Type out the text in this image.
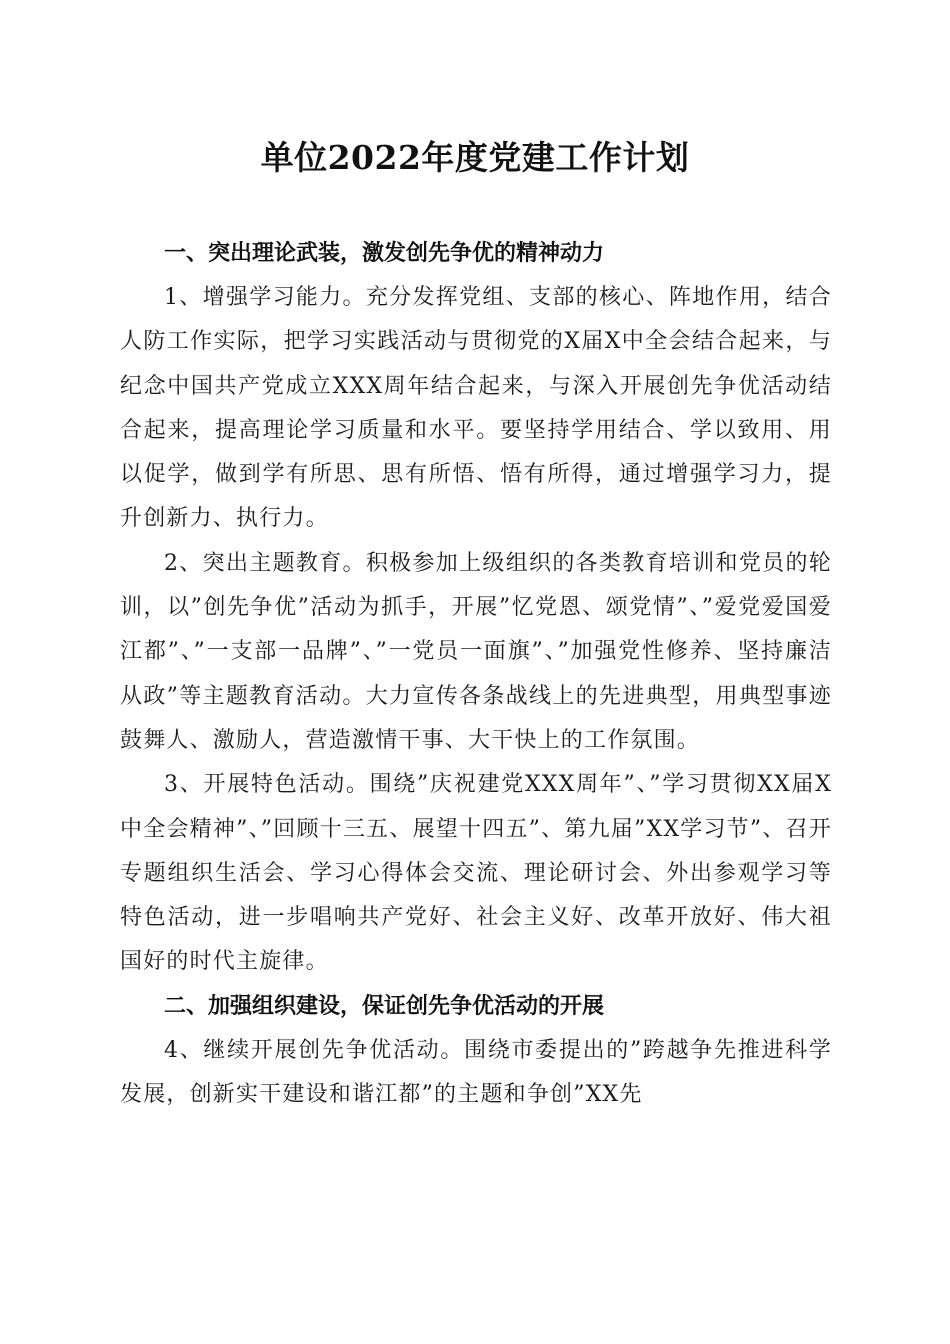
单位2022年度党建工作计划

一、突出理论武装，激发创先争优的精神动力

1、增强学习能力。充分发挥党组、支部的核心、阵地作用，结合人防工作实际，把学习实践活动与贯彻党的X届X中全会结合起来，与纪念中国共产党成立XXX周年结合起来，与深入开展创先争优活动结合起来，提高理论学习质量和水平。要坚持学用结合、学以致用、用以促学，做到学有所思、思有所悟、悟有所得，通过增强学习力，提升创新力、执行力。

2、突出主题教育。积极参加上级组织的各类教育培训和党员的轮训，以”创先争优”活动为抓手，开展”忆党恩、颂党情”、”爱党爱国爱江都”、”一支部一品牌”、”一党员一面旗”、”加强党性修养、坚持廉洁从政”等主题教育活动。大力宣传各条战线上的先进典型，用典型事迹鼓舞人、激励人，营造激情干事、大干快上的工作氛围。

3、开展特色活动。围绕”庆祝建党XXX周年”、”学习贯彻XX届X中全会精神”、”回顾十三五、展望十四五”、第九届”XX学习节”、召开专题组织生活会、学习心得体会交流、理论研讨会、外出参观学习等特色活动，进一步唱响共产党好、社会主义好、改革开放好、伟大祖国好的时代主旋律。

二、加强组织建设，保证创先争优活动的开展

4、继续开展创先争优活动。围绕市委提出的”跨越争先推进科学发展，创新实干建设和谐江都”的主题和争创”XX先
